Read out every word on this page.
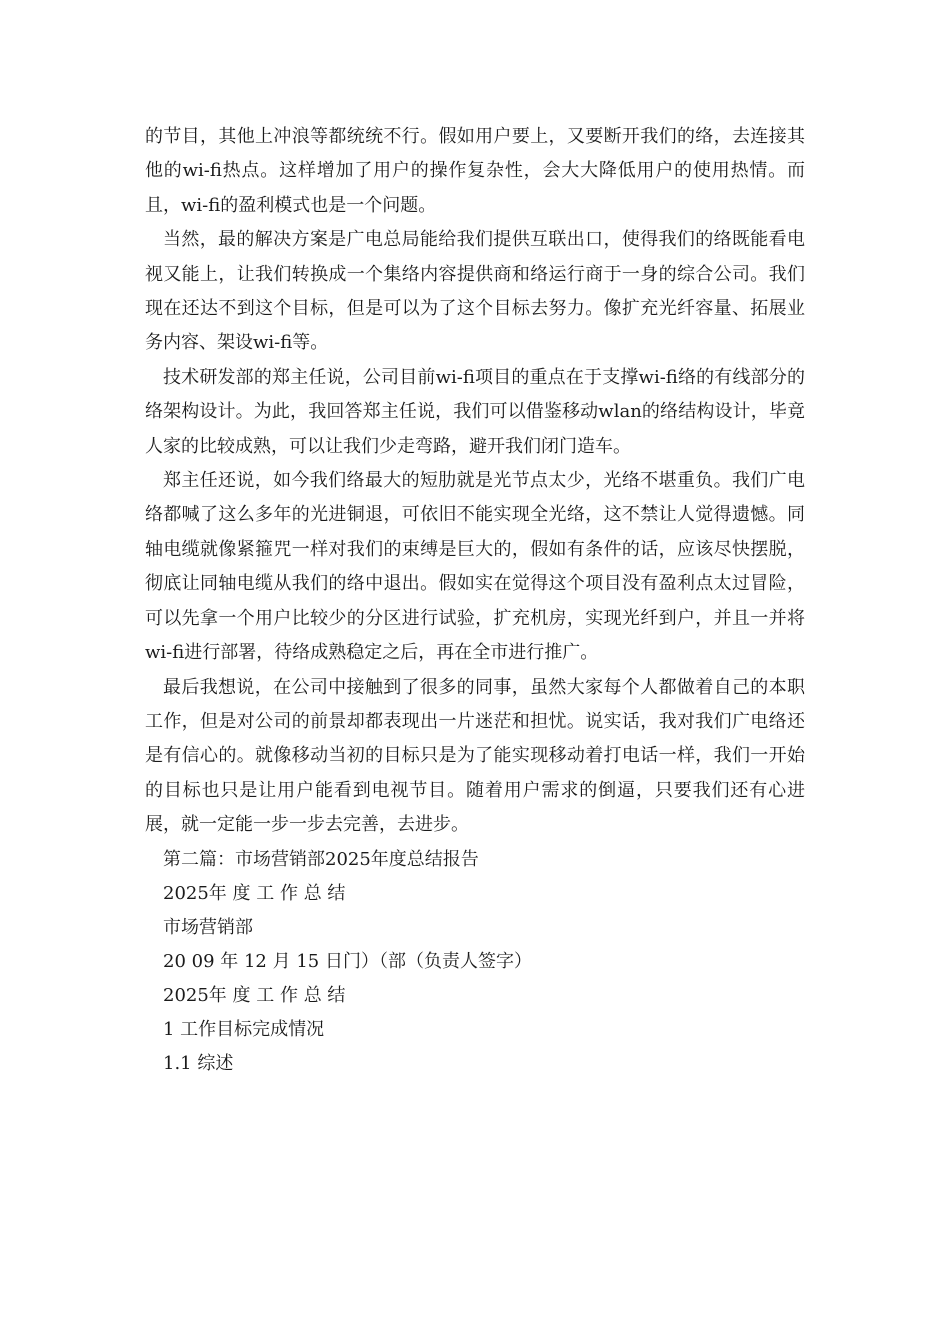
的节目，其他上冲浪等都统统不行。假如用户要上，又要断开我们的络，去连接其他的wi-fi热点。这样增加了用户的操作复杂性，会大大降低用户的使用热情。而且，wi-fi的盈利模式也是一个问题。

当然，最的解决方案是广电总局能给我们提供互联出口，使得我们的络既能看电视又能上，让我们转换成一个集络内容提供商和络运行商于一身的综合公司。我们现在还达不到这个目标，但是可以为了这个目标去努力。像扩充光纤容量、拓展业务内容、架设wi-fi等。

技术研发部的郑主任说，公司目前wi-fi项目的重点在于支撑wi-fi络的有线部分的络架构设计。为此，我回答郑主任说，我们可以借鉴移动wlan的络结构设计，毕竟人家的比较成熟，可以让我们少走弯路，避开我们闭门造车。

郑主任还说，如今我们络最大的短肋就是光节点太少，光络不堪重负。我们广电络都喊了这么多年的光进铜退，可依旧不能实现全光络，这不禁让人觉得遗憾。同轴电缆就像紧箍咒一样对我们的束缚是巨大的，假如有条件的话，应该尽快摆脱，彻底让同轴电缆从我们的络中退出。假如实在觉得这个项目没有盈利点太过冒险，可以先拿一个用户比较少的分区进行试验，扩充机房，实现光纤到户，并且一并将wi-fi进行部署，待络成熟稳定之后，再在全市进行推广。

最后我想说，在公司中接触到了很多的同事，虽然大家每个人都做着自己的本职工作，但是对公司的前景却都表现出一片迷茫和担忧。说实话，我对我们广电络还是有信心的。就像移动当初的目标只是为了能实现移动着打电话一样，我们一开始的目标也只是让用户能看到电视节目。随着用户需求的倒逼，只要我们还有心进展，就一定能一步一步去完善，去进步。

第二篇：市场营销部2025年度总结报告

2025年 度 工 作 总 结

市场营销部

20 09 年 12 月 15 日门）（部（负责人签字）

2025年 度 工 作 总 结

1 工作目标完成情况

1.1 综述
